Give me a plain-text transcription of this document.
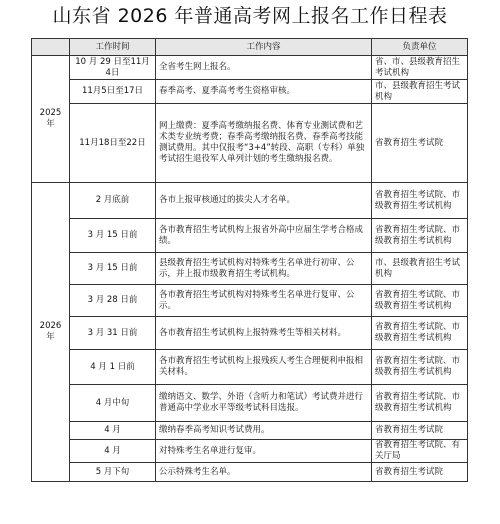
山东省 2026 年普通高考网上报名工作日程表
	工作时间	工作内容	负责单位
2025 年	10 月 29 日至11月4日	全省考生网上报名。	省、市、县级教育招生考试机构
	11月5日至17日	春季高考、夏季高考考生资格审核。	市、县级教育招生考试机构
	11月18日至22日	网上缴费：夏季高考缴纳报名费、体育专业测试费和艺术类专业统考费；春季高考缴纳报名费、春季高考技能测试费用。其中仅报考“3+4”转段、高职（专科）单独考试招生退役军人单列计划的考生缴纳报名费。	省教育招生考试院
2026 年	2 月底前	各市上报审核通过的拔尖人才名单。	省教育招生考试院、市级教育招生考试机构
	3 月 15 日前	各市教育招生考试机构上报省外高中应届生学考合格成绩。	省教育招生考试院、市级教育招生考试机构
	3 月 15 日前	县级教育招生考试机构对特殊考生名单进行初审、公示，并上报市级教育招生考试机构。	市、县级教育招生考试机构
	3 月 28 日前	各市教育招生考试机构对特殊考生名单进行复审、公示。	省教育招生考试院、市级教育招生考试机构
	3 月 31 日前	各市教育招生考试机构上报特殊考生等相关材料。	省教育招生考试院、市级教育招生考试机构
	4 月 1 日前	各市教育招生考试机构上报残疾人考生合理便利申报相关材料。	省教育招生考试院、市级教育招生考试机构
	4 月中旬	缴纳语文、数学、外语（含听力和笔试）考试费并进行普通高中学业水平等级考试科目选报。	省教育招生考试院、市级教育招生考试机构
	4 月	缴纳春季高考知识考试费用。	省教育招生考试院
	4 月	对特殊考生名单进行复审。	省教育招生考试院、有关厅局
	5 月下旬	公示特殊考生名单。	省教育招生考试院
